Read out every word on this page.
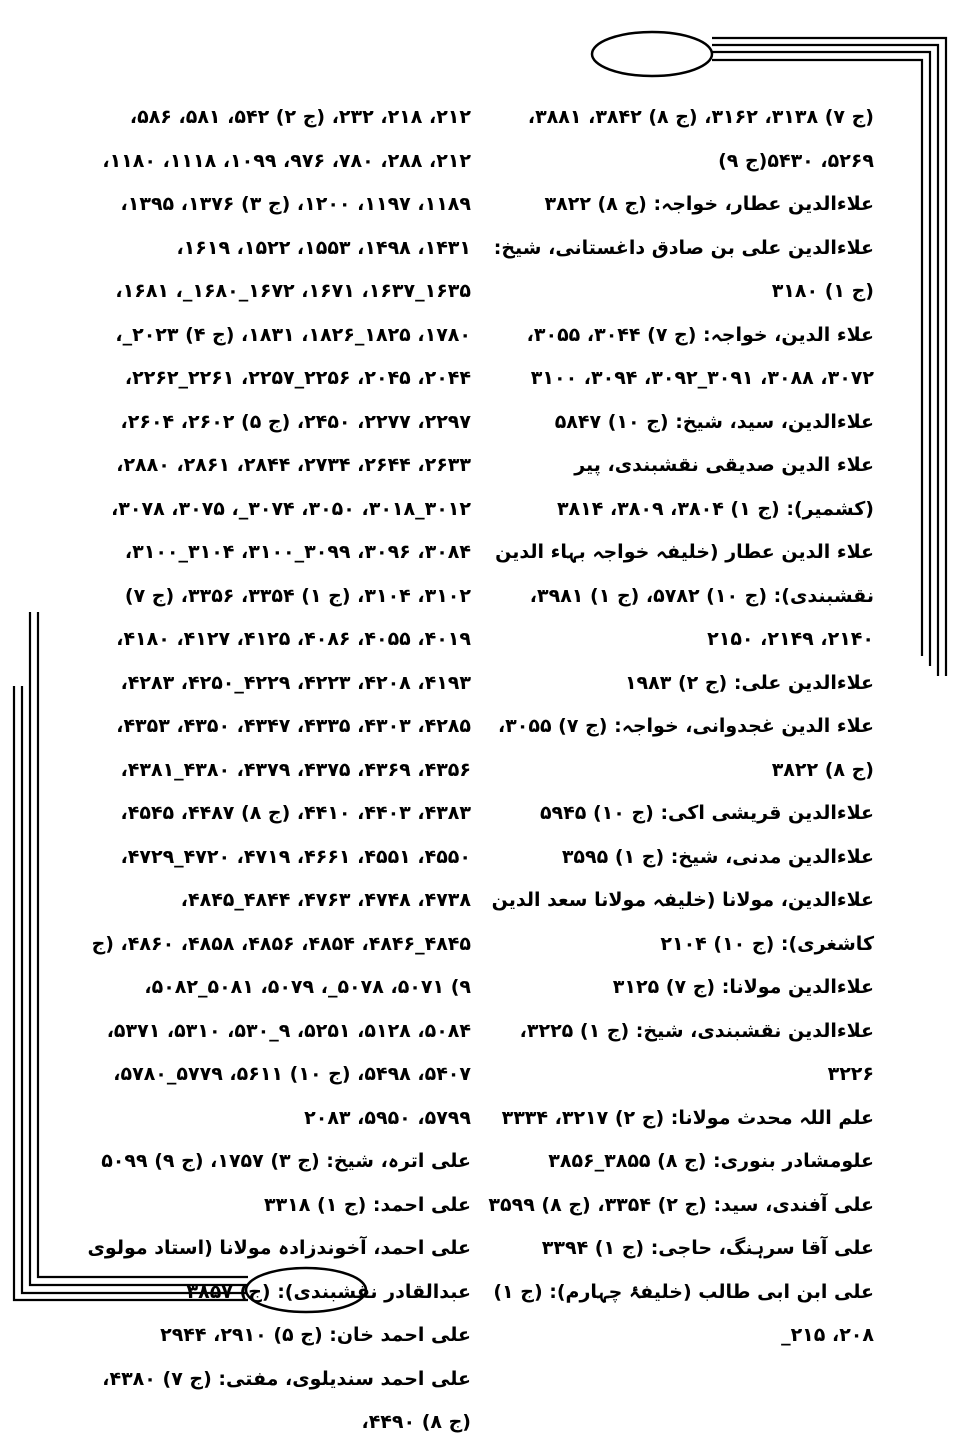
(ج ۷) ۳۱۳۸، ۳۱۶۲، (ج ۸) ۳۸۴۲، ۳۸۸۱، ۵۲۶۹، ۵۴۳۰(ج ۹)

علاءالدین عطار، خواجہ: (ج ۸) ۳۸۲۲

علاءالدین علی بن صادق داغستانی، شیخ: (ج ۱) ۳۱۸۰

علاء الدین، خواجہ: (ج ۷) ۳۰۴۴، ۳۰۵۵، ۳۰۷۲، ۳۰۸۸، ۳۰۹۱_۳۰۹۲، ۳۰۹۴، ۳۱۰۰

علاءالدین، سید، شیخ: (ج ۱۰) ۵۸۴۷

علاء الدین صدیقی نقشبندی، پیر (کشمیر): (ج ۱) ۳۸۰۴، ۳۸۰۹، ۳۸۱۴

علاء الدین عطار (خلیفہ خواجہ بہاء الدین نقشبندی): (ج ۱۰) ۵۷۸۲، (ج ۱) ۳۹۸۱، ۲۱۴۰، ۲۱۴۹، ۲۱۵۰

علاءالدین علی: (ج ۲) ۱۹۸۳

علاء الدین غجدوانی، خواجہ: (ج ۷) ۳۰۵۵، (ج ۸) ۳۸۲۲

علاءالدین قریشی اکی: (ج ۱۰) ۵۹۴۵

علاءالدین مدنی، شیخ: (ج ۱) ۳۵۹۵

علاءالدین، مولانا (خلیفہ مولانا سعد الدین کاشغری): (ج ۱۰) ۲۱۰۴

علاءالدین مولانا: (ج ۷) ۳۱۲۵

علاءالدین نقشبندی، شیخ: (ج ۱) ۳۲۲۵، ۳۲۲۶

علم اللہ محدث مولانا: (ج ۲) ۳۲۱۷، ۳۳۳۴

علومشادر بنوری: (ج ۸) ۳۸۵۵_۳۸۵۶

علی آفندی، سید: (ج ۲) ۳۳۵۴، (ج ۸) ۳۵۹۹

علی آقا سرہنگ، حاجی: (ج ۱) ۳۳۹۴

علی ابن ابی طالب (خلیفۂ چہارم): (ج ۱) ۲۰۸، ۲۱۵_

۲۱۲، ۲۱۸، ۲۳۲، (ج ۲) ۵۴۲، ۵۸۱، ۵۸۶، ۲۱۲، ۲۸۸، ۷۸۰، ۹۷۶، ۱۰۹۹، ۱۱۱۸، ۱۱۸۰، ۱۱۸۹، ۱۱۹۷، ۱۲۰۰، (ج ۳) ۱۳۷۶، ۱۳۹۵، ۱۴۳۱، ۱۴۹۸، ۱۵۵۳، ۱۵۲۲، ۱۶۱۹، ۱۶۳۵_۱۶۳۷، ۱۶۷۱، ۱۶۷۲_۱۶۸۰_، ۱۶۸۱، ۱۷۸۰، ۱۸۲۵_۱۸۲۶، ۱۸۳۱، (ج ۴) ۲۰۲۳_، ۲۰۴۴، ۲۰۴۵، ۲۲۵۶_۲۲۵۷، ۲۲۶۱_۲۲۶۲، ۲۲۹۷، ۲۲۷۷، ۲۴۵۰، (ج ۵) ۲۶۰۲، ۲۶۰۴، ۲۶۳۳، ۲۶۴۴، ۲۷۳۴، ۲۸۴۴، ۲۸۶۱، ۲۸۸۰، ۳۰۱۲_۳۰۱۸، ۳۰۵۰، ۳۰۷۴_، ۳۰۷۵، ۳۰۷۸، ۳۰۸۴، ۳۰۹۶، ۳۰۹۹_۳۱۰۰، ۳۱۰۴_۳۱۰۰، ۳۱۰۲، ۳۱۰۴، (ج ۱) ۳۳۵۴، ۳۳۵۶، (ج ۷) ۴۰۱۹، ۴۰۵۵، ۴۰۸۶، ۴۱۲۵، ۴۱۲۷، ۴۱۸۰، ۴۱۹۳، ۴۲۰۸، ۴۲۲۳، ۴۲۲۹_۴۲۵۰، ۴۲۸۳، ۴۲۸۵، ۴۳۰۳، ۴۳۳۵، ۴۳۴۷، ۴۳۵۰، ۴۳۵۳، ۴۳۵۶، ۴۳۶۹، ۴۳۷۵، ۴۳۷۹، ۴۳۸۰_۴۳۸۱، ۴۳۸۳، ۴۴۰۳، ۴۴۱۰، (ج ۸) ۴۴۸۷، ۴۵۴۵، ۴۵۵۰، ۴۵۵۱، ۴۶۶۱، ۴۷۱۹، ۴۷۲۰_۴۷۲۹، ۴۷۳۸، ۴۷۴۸، ۴۷۶۳، ۴۸۴۴_۴۸۴۵، ۴۸۴۵_۴۸۴۶، ۴۸۵۴، ۴۸۵۶، ۴۸۵۸، ۴۸۶۰، (ج ۹) ۵۰۷۱، ۵۰۷۸_، ۵۰۷۹، ۵۰۸۱_۵۰۸۲، ۵۰۸۴، ۵۱۲۸، ۵۲۵۱، ۹_۵۳۰، ۵۳۱۰، ۵۳۷۱، ۵۴۰۷، ۵۴۹۸، (ج ۱۰) ۵۶۱۱، ۵۷۷۹_۵۷۸۰، ۵۷۹۹، ۵۹۵۰، ۲۰۸۳

علی اترہ، شیخ: (ج ۳) ۱۷۵۷، (ج ۹) ۵۰۹۹

علی احمد: (ج ۱) ۳۳۱۸

علی احمد، آخوندزادہ مولانا (استاد مولوی عبدالقادر نقشبندی): (ج) ۳۸۵۷

علی احمد خان: (ج ۵) ۲۹۱۰، ۲۹۴۴

علی احمد سندیلوی، مفتی: (ج ۷) ۴۳۸۰، (ج ۸) ۴۴۹۰،
